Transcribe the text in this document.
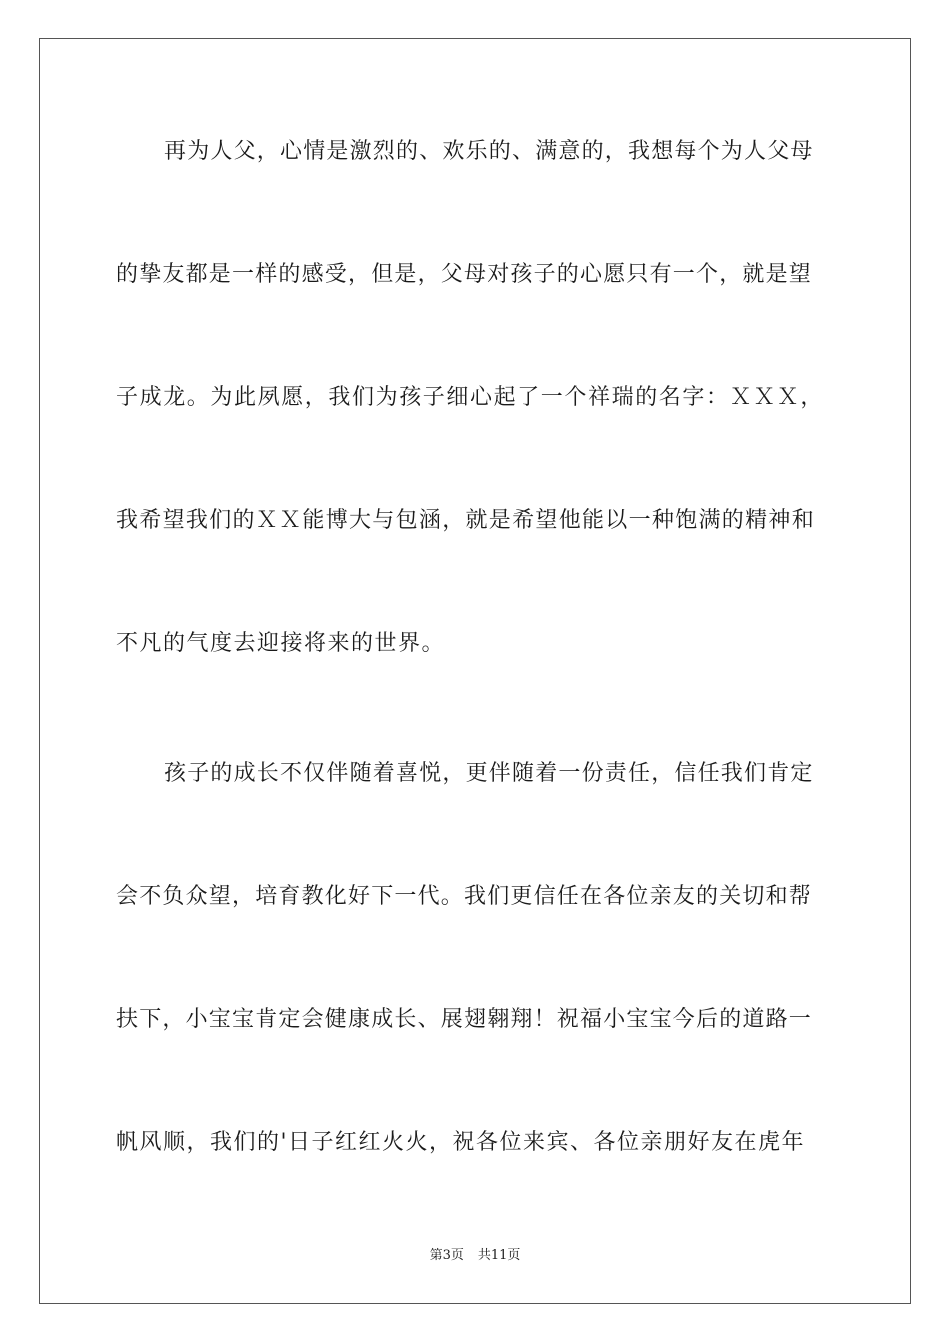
再为人父，心情是激烈的、欢乐的、满意的，我想每个为人父母
的挚友都是一样的感受，但是，父母对孩子的心愿只有一个，就是望
子成龙。为此夙愿，我们为孩子细心起了一个祥瑞的名字：ＸＸＸ，
我希望我们的ＸＸ能博大与包涵，就是希望他能以一种饱满的精神和
不凡的气度去迎接将来的世界。
孩子的成长不仅伴随着喜悦，更伴随着一份责任，信任我们肯定
会不负众望，培育教化好下一代。我们更信任在各位亲友的关切和帮
扶下，小宝宝肯定会健康成长、展翅翱翔！祝福小宝宝今后的道路一
帆风顺，我们的'日子红红火火，祝各位来宾、各位亲朋好友在虎年
第3页 共11页
